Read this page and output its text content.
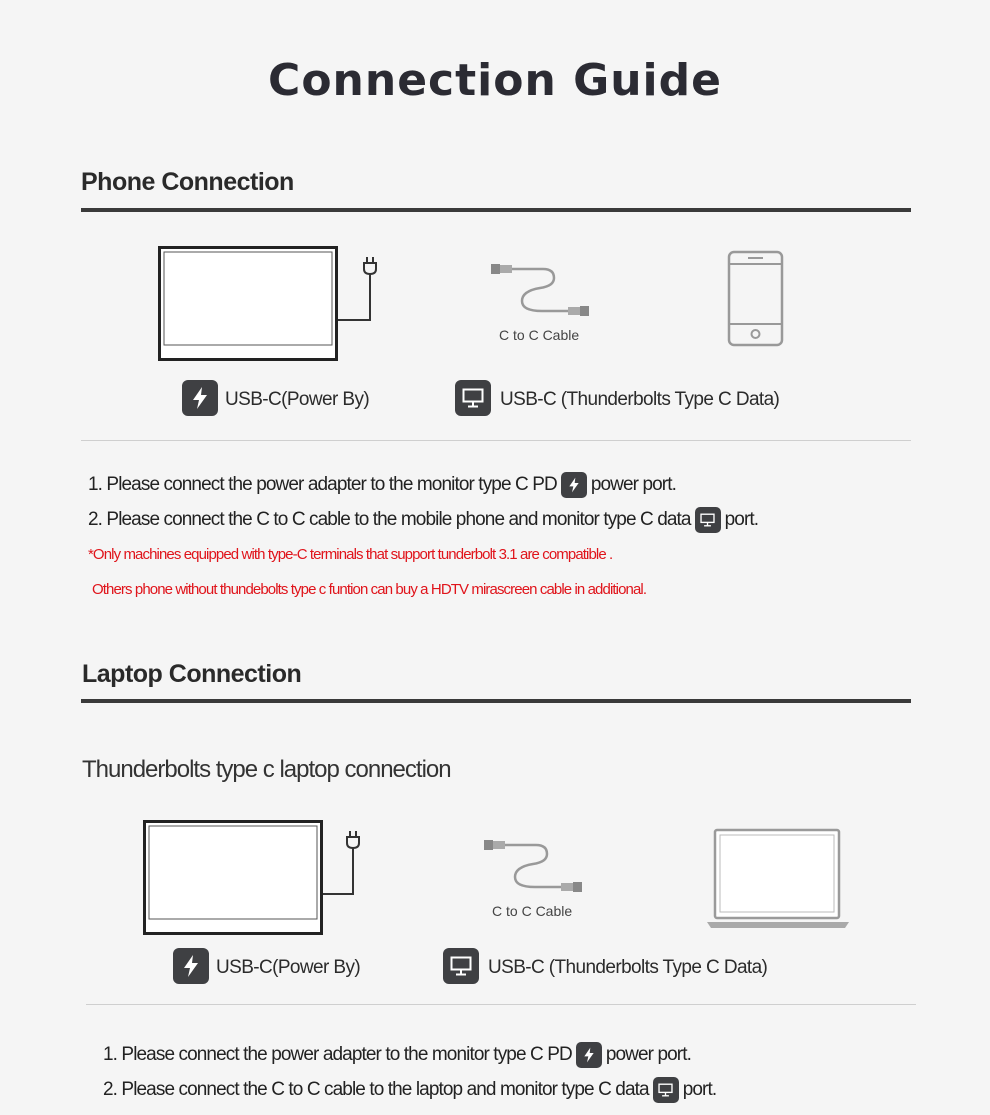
Connection Guide
Phone Connection
C to C Cable
USB-C(Power By)	USB-C (Thunderbolts Type C Data)
1. Please connect the power adapter to the monitor type C PD power port.
2. Please connect the C to C cable to the mobile phone and monitor type C data port.
*Only machines equipped with type-C terminals that support tunderbolt 3.1 are compatible .
Others phone without thundebolts type c funtion can buy a HDTV mirascreen cable in additional.
Laptop Connection
Thunderbolts type c laptop connection
C to C Cable
USB-C(Power By)	USB-C (Thunderbolts Type C Data)
1. Please connect the power adapter to the monitor type C PD power port.
2. Please connect the C to C cable to the laptop and monitor type C data port.
